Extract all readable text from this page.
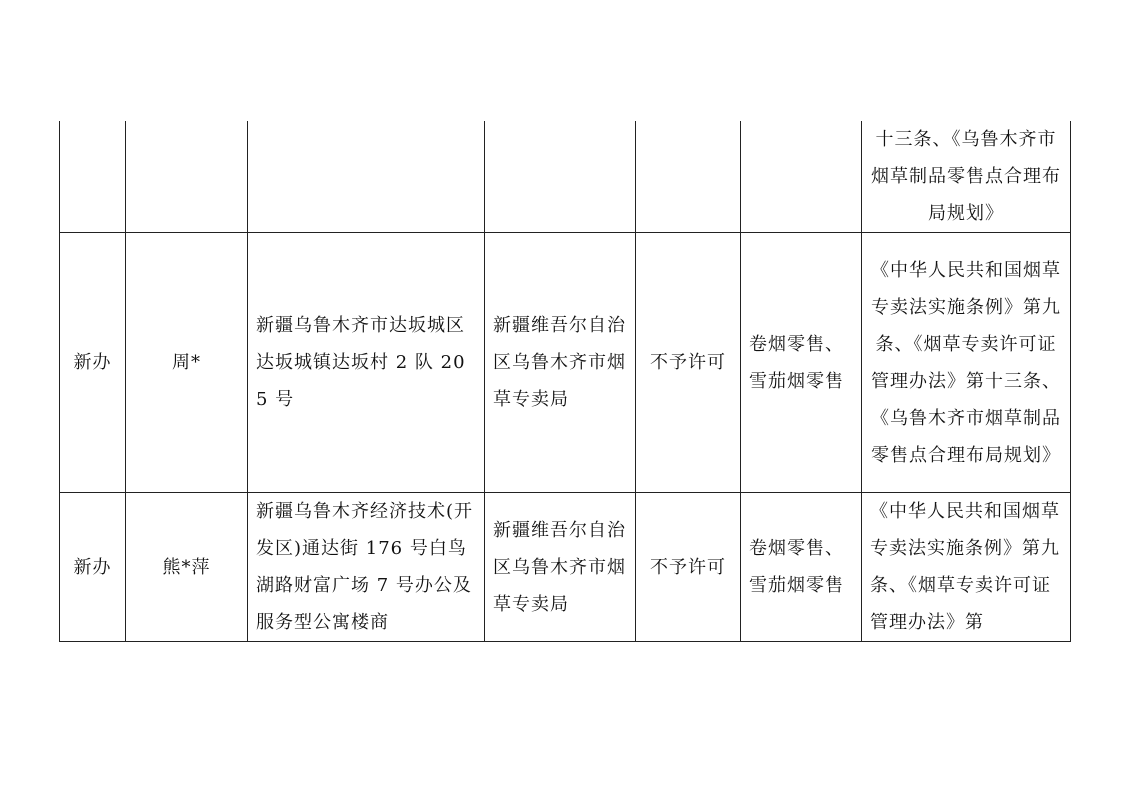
						十三条、《乌鲁木齐市烟草制品零售点合理布局规划》
新办	周*	新疆乌鲁木齐市达坂城区达坂城镇达坂村 2 队 205 号	新疆维吾尔自治区乌鲁木齐市烟草专卖局	不予许可	卷烟零售、雪茄烟零售	《中华人民共和国烟草专卖法实施条例》第九条、《烟草专卖许可证管理办法》第十三条、《乌鲁木齐市烟草制品零售点合理布局规划》
新办	熊*萍	新疆乌鲁木齐经济技术(开发区)通达街 176 号白鸟湖路财富广场 7 号办公及服务型公寓楼商	新疆维吾尔自治区乌鲁木齐市烟草专卖局	不予许可	卷烟零售、雪茄烟零售	《中华人民共和国烟草专卖法实施条例》第九条、《烟草专卖许可证管理办法》第
